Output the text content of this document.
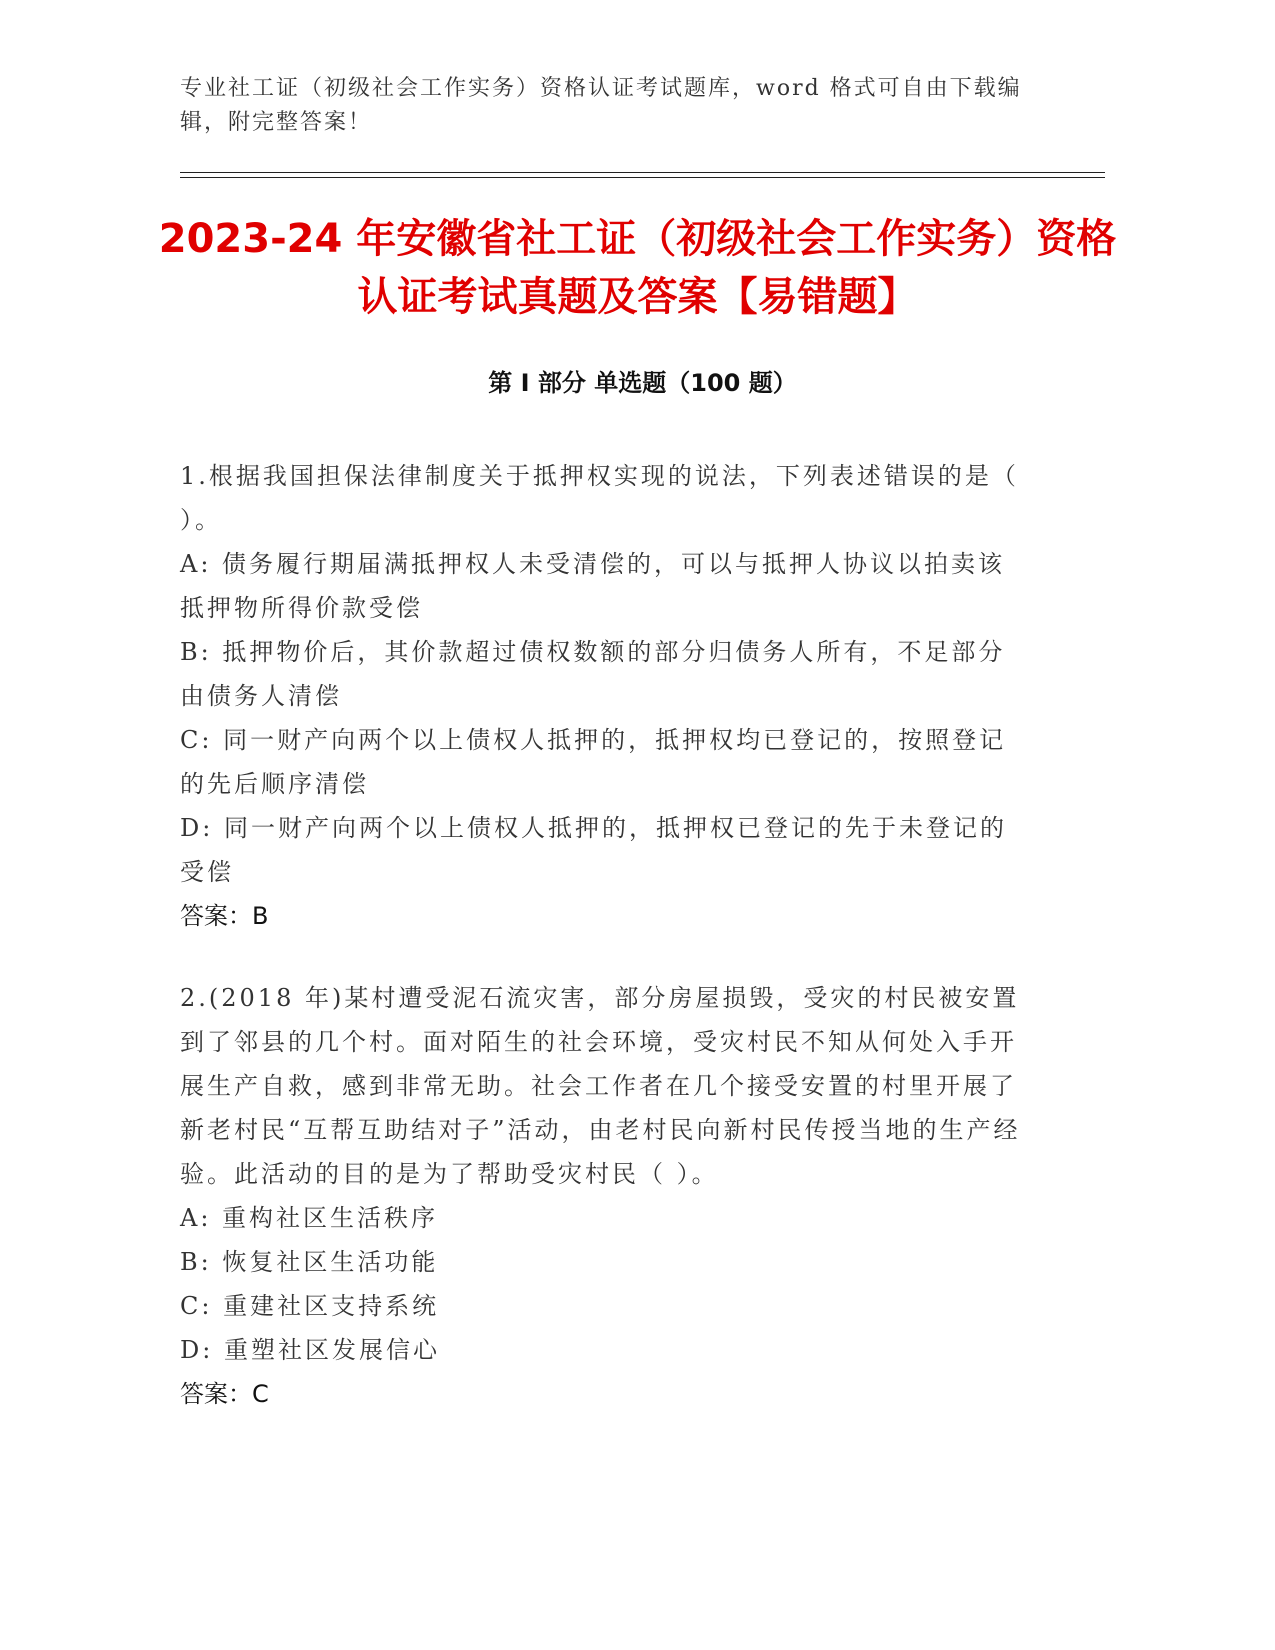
专业社工证（初级社会工作实务）资格认证考试题库，word 格式可自由下载编辑，附完整答案！
2023-24 年安徽省社工证（初级社会工作实务）资格认证考试真题及答案【易错题】
第 I 部分 单选题（100 题）

1.根据我国担保法律制度关于抵押权实现的说法，下列表述错误的是（ ）。

A: 债务履行期届满抵押权人未受清偿的，可以与抵押人协议以拍卖该抵押物所得价款受偿

B: 抵押物价后，其价款超过债权数额的部分归债务人所有，不足部分由债务人清偿

C: 同一财产向两个以上债权人抵押的，抵押权均已登记的，按照登记的先后顺序清偿

D: 同一财产向两个以上债权人抵押的，抵押权已登记的先于未登记的受偿

答案：B

2.(2018 年)某村遭受泥石流灾害，部分房屋损毁，受灾的村民被安置到了邻县的几个村。面对陌生的社会环境，受灾村民不知从何处入手开展生产自救，感到非常无助。社会工作者在几个接受安置的村里开展了新老村民“互帮互助结对子”活动，由老村民向新村民传授当地的生产经验。此活动的目的是为了帮助受灾村民（ ）。

A: 重构社区生活秩序

B: 恢复社区生活功能

C: 重建社区支持系统

D: 重塑社区发展信心

答案：C
